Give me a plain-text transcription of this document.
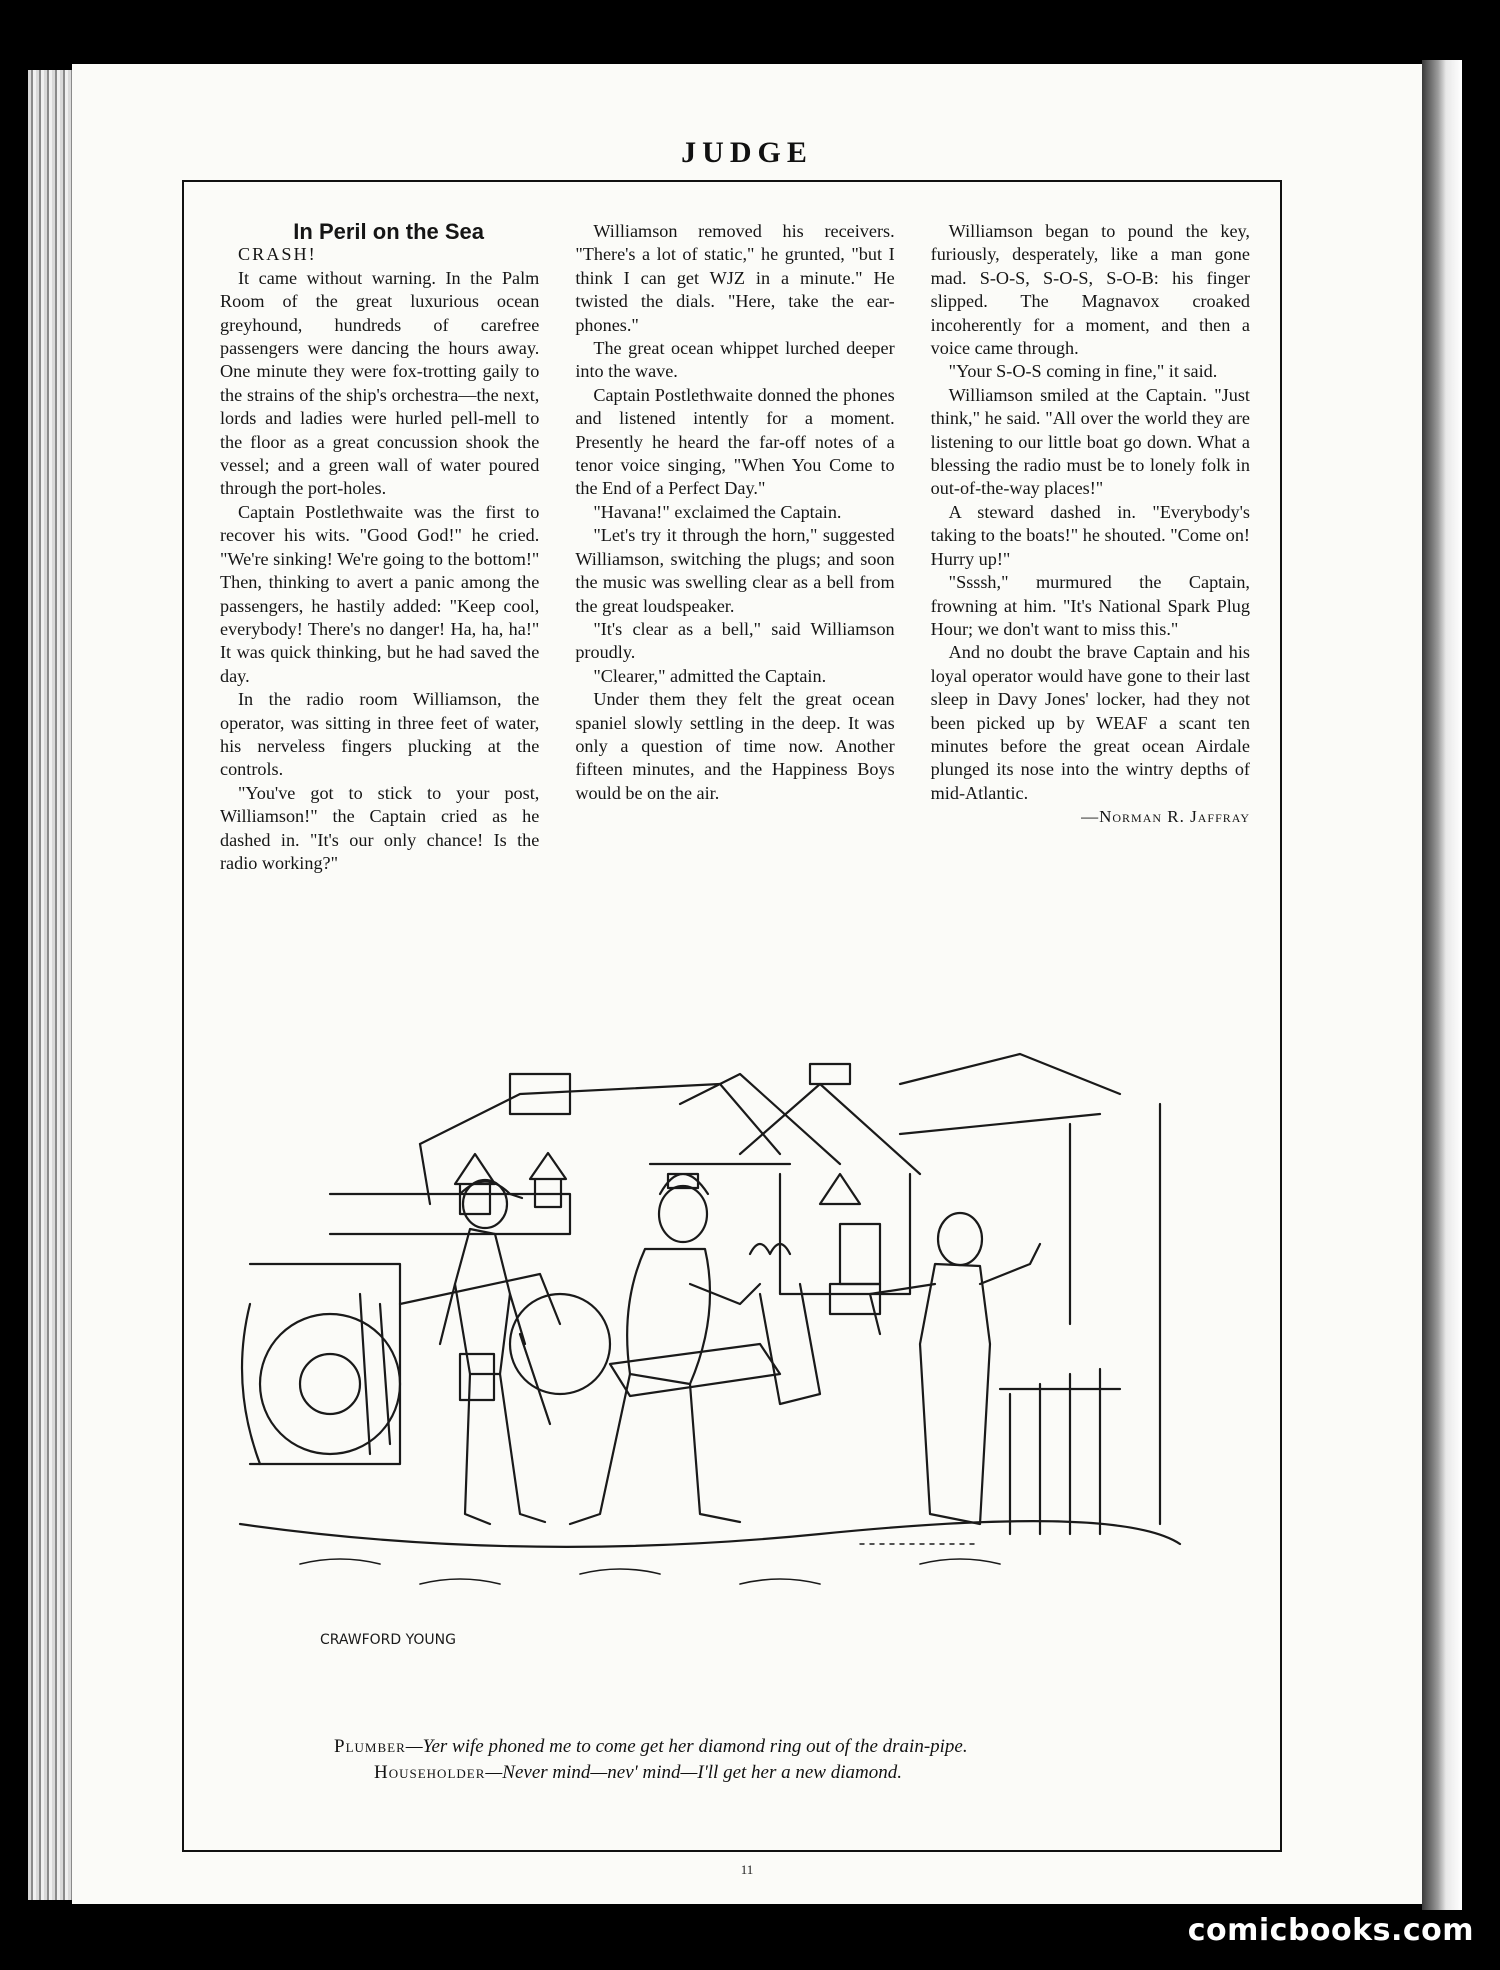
JUDGE

In Peril on the Sea

CRASH!

It came without warning. In the Palm Room of the great luxurious ocean greyhound, hundreds of carefree passengers were dancing the hours away. One minute they were fox-trotting gaily to the strains of the ship's orchestra—the next, lords and ladies were hurled pell-mell to the floor as a great concussion shook the vessel; and a green wall of water poured through the port-holes.

Captain Postlethwaite was the first to recover his wits. "Good God!" he cried. "We're sinking! We're going to the bottom!" Then, thinking to avert a panic among the passengers, he hastily added: "Keep cool, everybody! There's no danger! Ha, ha, ha!" It was quick thinking, but he had saved the day.

In the radio room Williamson, the operator, was sitting in three feet of water, his nerveless fingers plucking at the controls.

"You've got to stick to your post, Williamson!" the Captain cried as he dashed in. "It's our only chance! Is the radio working?"

Williamson removed his receivers. "There's a lot of static," he grunted, "but I think I can get WJZ in a minute." He twisted the dials. "Here, take the ear-phones."

The great ocean whippet lurched deeper into the wave.

Captain Postlethwaite donned the phones and listened intently for a moment. Presently he heard the far-off notes of a tenor voice singing, "When You Come to the End of a Perfect Day."

"Havana!" exclaimed the Captain.

"Let's try it through the horn," suggested Williamson, switching the plugs; and soon the music was swelling clear as a bell from the great loudspeaker.

"It's clear as a bell," said Williamson proudly.

"Clearer," admitted the Captain.

Under them they felt the great ocean spaniel slowly settling in the deep. It was only a question of time now. Another fifteen minutes, and the Happiness Boys would be on the air.

Williamson began to pound the key, furiously, desperately, like a man gone mad. S-O-S, S-O-S, S-O-B: his finger slipped. The Magnavox croaked incoherently for a moment, and then a voice came through.

"Your S-O-S coming in fine," it said.

Williamson smiled at the Captain. "Just think," he said. "All over the world they are listening to our little boat go down. What a blessing the radio must be to lonely folk in out-of-the-way places!"

A steward dashed in. "Everybody's taking to the boats!" he shouted. "Come on! Hurry up!"

"Ssssh," murmured the Captain, frowning at him. "It's National Spark Plug Hour; we don't want to miss this."

And no doubt the brave Captain and his loyal operator would have gone to their last sleep in Davy Jones' locker, had they not been picked up by WEAF a scant ten minutes before the great ocean Airdale plunged its nose into the wintry depths of mid-Atlantic.

—Norman R. Jaffray

CRAWFORD YOUNG
Plumber—Yer wife phoned me to come get her diamond ring out of the drain-pipe.
Householder—Never mind—nev' mind—I'll get her a new diamond.
11
comicbooks.com
